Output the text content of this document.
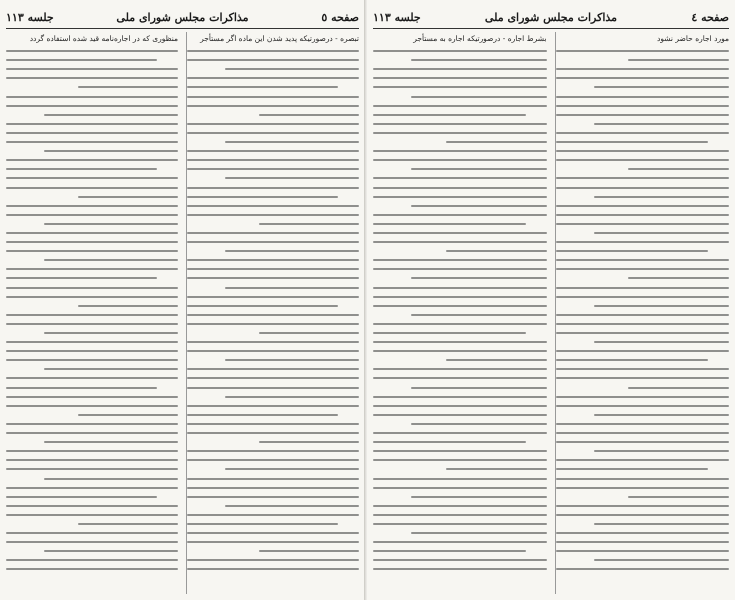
صفحه ٥
مذاکرات مجلس شورای ملی
جلسه ۱۱۳
تبصره - درصورتیکه پدید شدن این ماده اگر مستأجر
منظوری که در اجاره‌نامه قید شده استفاده گردد
صفحه ٤
مذاکرات مجلس شورای ملی
جلسه ۱۱۳
مورد اجاره حاضر نشود
بشرط اجاره - درصورتیکه اجاره به مستأجر
